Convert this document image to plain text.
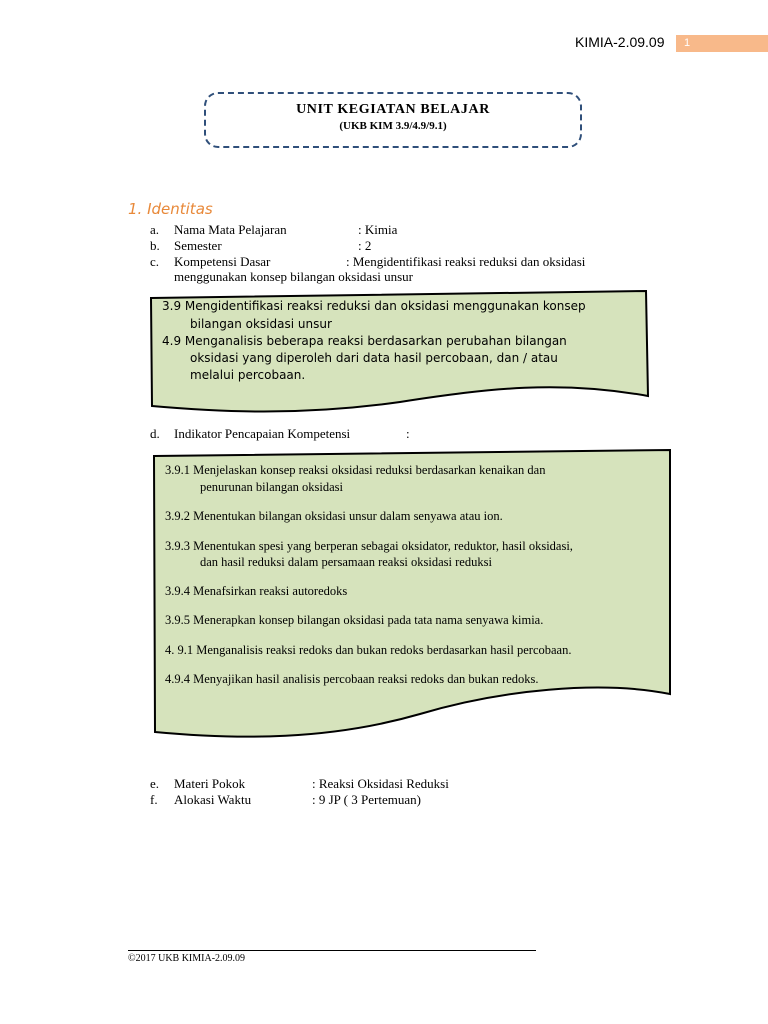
KIMIA-2.09.09	1
UNIT KEGIATAN BELAJAR
(UKB KIM 3.9/4.9/9.1)
1. Identitas
a. Nama Mata Pelajaran	: Kimia
b. Semester	: 2
c. Kompetensi Dasar	: Mengidentifikasi reaksi reduksi dan oksidasi
menggunakan konsep bilangan oksidasi unsur
3.9 Mengidentifikasi reaksi reduksi dan oksidasi menggunakan konsep
bilangan oksidasi unsur
4.9 Menganalisis beberapa reaksi berdasarkan perubahan bilangan
oksidasi yang diperoleh dari data hasil percobaan, dan / atau
melalui percobaan.
d. Indikator Pencapaian Kompetensi	:
3.9.1 Menjelaskan konsep reaksi oksidasi reduksi berdasarkan kenaikan dan
penurunan bilangan oksidasi
3.9.2 Menentukan bilangan oksidasi unsur dalam senyawa atau ion.
3.9.3 Menentukan spesi yang berperan sebagai oksidator, reduktor, hasil oksidasi,
dan hasil reduksi dalam persamaan reaksi oksidasi reduksi
3.9.4 Menafsirkan reaksi autoredoks
3.9.5 Menerapkan konsep bilangan oksidasi pada tata nama senyawa kimia.
4. 9.1 Menganalisis reaksi redoks dan bukan redoks berdasarkan hasil percobaan.
4.9.4 Menyajikan hasil analisis percobaan reaksi redoks dan bukan redoks.
e. Materi Pokok	: Reaksi Oksidasi Reduksi
f. Alokasi Waktu	: 9 JP ( 3 Pertemuan)
©2017 UKB KIMIA-2.09.09
